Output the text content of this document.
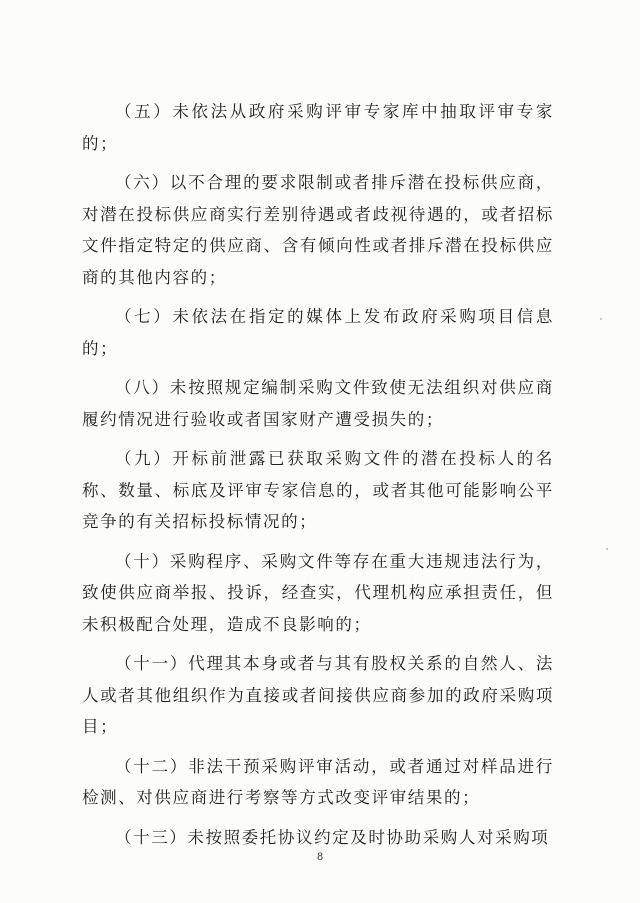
（五）未依法从政府采购评审专家库中抽取评审专家的；

（六）以不合理的要求限制或者排斥潜在投标供应商，对潜在投标供应商实行差别待遇或者歧视待遇的，或者招标文件指定特定的供应商、含有倾向性或者排斥潜在投标供应商的其他内容的；

（七）未依法在指定的媒体上发布政府采购项目信息的；

（八）未按照规定编制采购文件致使无法组织对供应商履约情况进行验收或者国家财产遭受损失的；

（九）开标前泄露已获取采购文件的潜在投标人的名称、数量、标底及评审专家信息的，或者其他可能影响公平竞争的有关招标投标情况的；

（十）采购程序、采购文件等存在重大违规违法行为，致使供应商举报、投诉，经查实，代理机构应承担责任，但未积极配合处理，造成不良影响的；

（十一）代理其本身或者与其有股权关系的自然人、法人或者其他组织作为直接或者间接供应商参加的政府采购项目；

（十二）非法干预采购评审活动，或者通过对样品进行检测、对供应商进行考察等方式改变评审结果的；

（十三）未按照委托协议约定及时协助采购人对采购项

8
